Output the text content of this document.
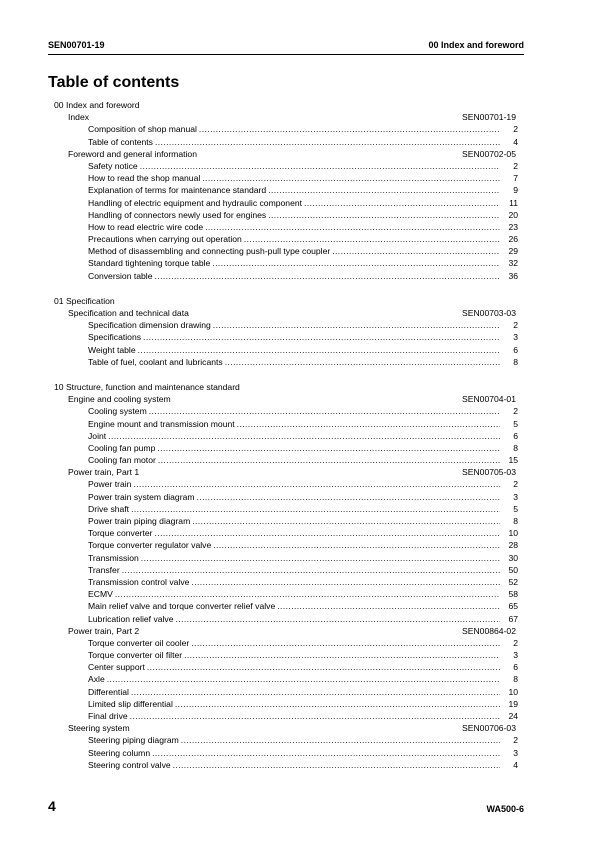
SEN00701-19	00 Index and foreword
Table of contents
00 Index and foreword
Index	SEN00701-19
Composition of shop manual .....	2
Table of contents .....	4
Foreword and general information	SEN00702-05
Safety notice .....	2
How to read the shop manual .....	7
Explanation of terms for maintenance standard .....	9
Handling of electric equipment and hydraulic component .....	11
Handling of connectors newly used for engines .....	20
How to read electric wire code .....	23
Precautions when carrying out operation .....	26
Method of disassembling and connecting push-pull type coupler .....	29
Standard tightening torque table .....	32
Conversion table .....	36
01 Specification
Specification and technical data	SEN00703-03
Specification dimension drawing .....	2
Specifications .....	3
Weight table .....	6
Table of fuel, coolant and lubricants .....	8
10 Structure, function and maintenance standard
Engine and cooling system	SEN00704-01
Cooling system .....	2
Engine mount and transmission mount .....	5
Joint .....	6
Cooling fan pump .....	8
Cooling fan motor .....	15
Power train, Part 1	SEN00705-03
Power train .....	2
Power train system diagram .....	3
Drive shaft .....	5
Power train piping diagram .....	8
Torque converter .....	10
Torque converter regulator valve .....	28
Transmission .....	30
Transfer .....	50
Transmission control valve .....	52
ECMV .....	58
Main relief valve and torque converter relief valve .....	65
Lubrication relief valve .....	67
Power train, Part 2	SEN00864-02
Torque converter oil cooler .....	2
Torque converter oil filter .....	3
Center support .....	6
Axle .....	8
Differential .....	10
Limited slip differential .....	19
Final drive .....	24
Steering system	SEN00706-03
Steering piping diagram .....	2
Steering column .....	3
Steering control valve .....	4
4	WA500-6
